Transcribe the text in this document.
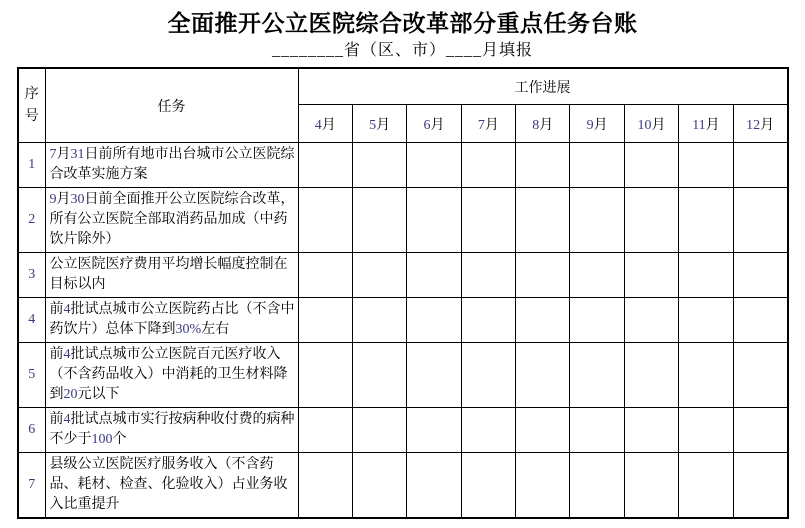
全面推开公立医院综合改革部分重点任务台账

________省（区、市）____月填报

序号	任务	工作进展								
		4月	5月	6月	7月	8月	9月	10月	11月	12月
1	7月31日前所有地市出台城市公立医院综合改革实施方案									
2	9月30日前全面推开公立医院综合改革，所有公立医院全部取消药品加成（中药饮片除外）									
3	公立医院医疗费用平均增长幅度控制在目标以内									
4	前4批试点城市公立医院药占比（不含中药饮片）总体下降到30%左右									
5	前4批试点城市公立医院百元医疗收入（不含药品收入）中消耗的卫生材料降到20元以下									
6	前4批试点城市实行按病种收付费的病种不少于100个									
7	县级公立医院医疗服务收入（不含药品、耗材、检查、化验收入）占业务收入比重提升									
